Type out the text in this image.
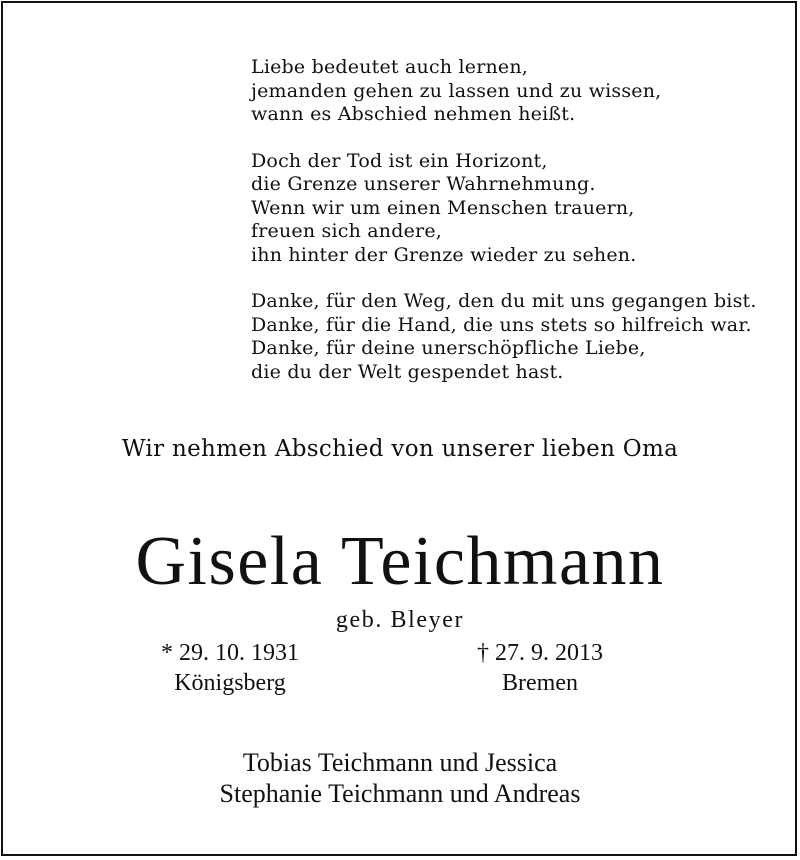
Liebe bedeutet auch lernen,
jemanden gehen zu lassen und zu wissen,
wann es Abschied nehmen heißt.
Doch der Tod ist ein Horizont,
die Grenze unserer Wahrnehmung.
Wenn wir um einen Menschen trauern,
freuen sich andere,
ihn hinter der Grenze wieder zu sehen.
Danke, für den Weg, den du mit uns gegangen bist.
Danke, für die Hand, die uns stets so hilfreich war.
Danke, für deine unerschöpfliche Liebe,
die du der Welt gespendet hast.
Wir nehmen Abschied von unserer lieben Oma
Gisela Teichmann
geb. Bleyer
* 29. 10. 1931
Königsberg
† 27. 9. 2013
Bremen
Tobias Teichmann und Jessica
Stephanie Teichmann und Andreas
